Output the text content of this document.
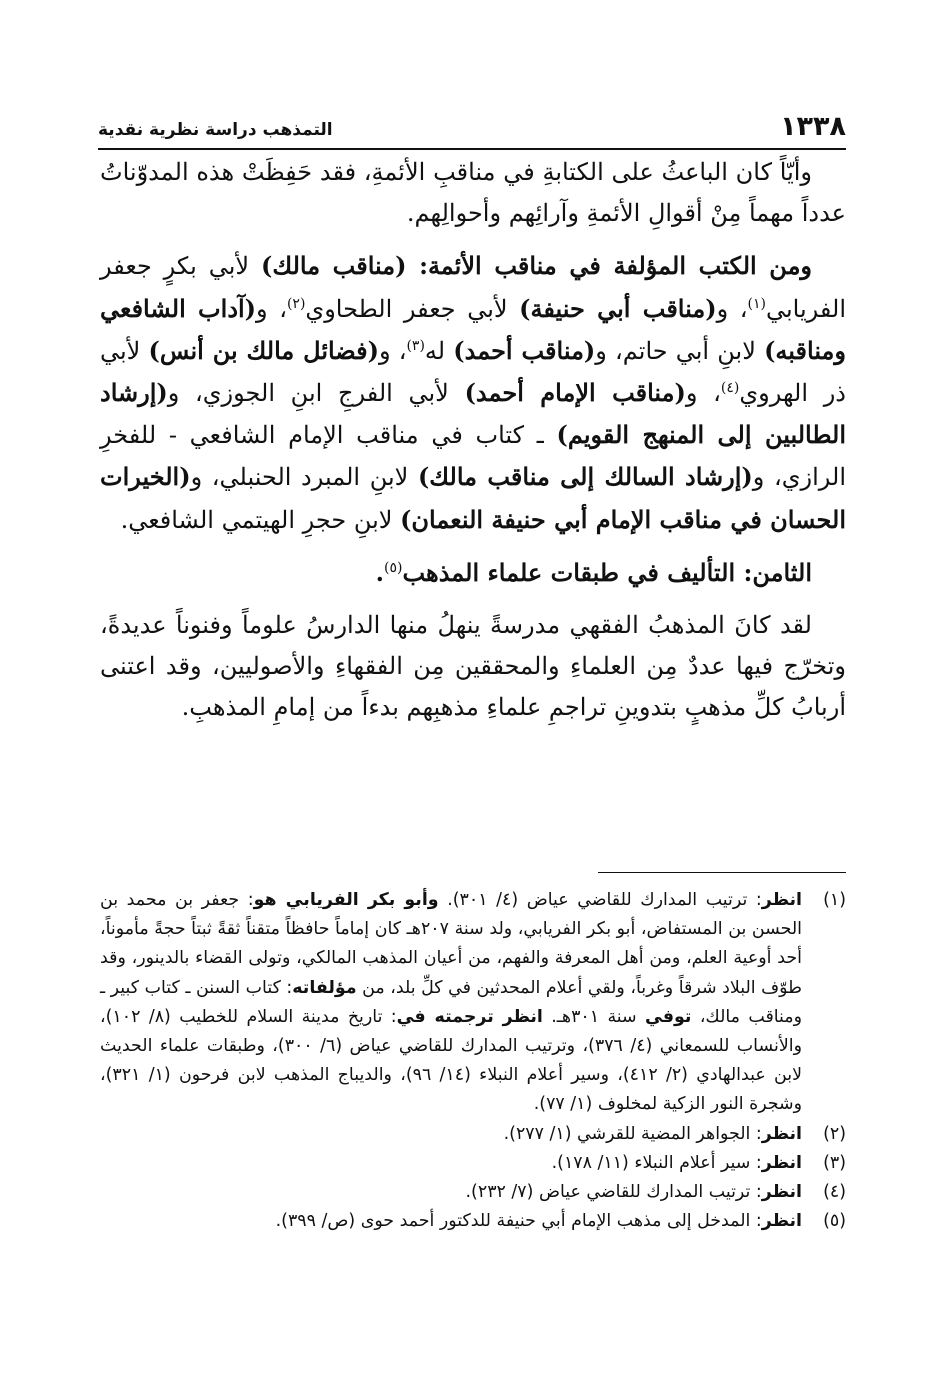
١٣٣٨
التمذهب دراسة نظرية نقدية

وأيّاً كان الباعثُ على الكتابةِ في مناقبِ الأئمةِ، فقد حَفِظَتْ هذه المدوّناتُ عدداً مهماً مِنْ أقوالِ الأئمةِ وآرائِهم وأحوالِهم.

ومن الكتب المؤلفة في مناقب الأئمة: (مناقب مالك) لأبي بكرٍ جعفر الفريابي$^{(١)}$، و(مناقب أبي حنيفة) لأبي جعفر الطحاوي$^{(٢)}$، و(آداب الشافعي ومناقبه) لابنِ أبي حاتم، و(مناقب أحمد) له$^{(٣)}$، و(فضائل مالك بن أنس) لأبي ذر الهروي$^{(٤)}$، و(مناقب الإمام أحمد) لأبي الفرجِ ابنِ الجوزي، و(إرشاد الطالبين إلى المنهج القويم) ـ كتاب في مناقب الإمام الشافعي - للفخرِ الرازي، و(إرشاد السالك إلى مناقب مالك) لابنِ المبرد الحنبلي، و(الخيرات الحسان في مناقب الإمام أبي حنيفة النعمان) لابنِ حجرِ الهيتمي الشافعي.

الثامن: التأليف في طبقات علماء المذهب$^{(٥)}$.

لقد كانَ المذهبُ الفقهي مدرسةً ينهلُ منها الدارسُ علوماً وفنوناً عديدةً، وتخرّج فيها عددٌ مِن العلماءِ والمحققين مِن الفقهاءِ والأصوليين، وقد اعتنى أربابُ كلِّ مذهبٍ بتدوينِ تراجمِ علماءِ مذهبِهم بدءاً من إمامِ المذهبِ.

(١)
انظر: ترتيب المدارك للقاضي عياض (٤/ ٣٠١). وأبو بكر الفريابي هو: جعفر بن محمد بن الحسن بن المستفاض، أبو بكر الفريابي، ولد سنة ٢٠٧هـ كان إماماً حافظاً متقناً ثقةً ثبتاً حجةً مأموناً، أحد أوعية العلم، ومن أهل المعرفة والفهم، من أعيان المذهب المالكي، وتولى القضاء بالدينور، وقد طوّف البلاد شرقاً وغرباً، ولقي أعلام المحدثين في كلِّ بلد، من مؤلفاته: كتاب السنن ـ كتاب كبير ـ ومناقب مالك، توفي سنة ٣٠١هـ. انظر ترجمته في: تاريخ مدينة السلام للخطيب (٨/ ١٠٢)، والأنساب للسمعاني (٤/ ٣٧٦)، وترتيب المدارك للقاضي عياض (٦/ ٣٠٠)، وطبقات علماء الحديث لابن عبدالهادي (٢/ ٤١٢)، وسير أعلام النبلاء (١٤/ ٩٦)، والديباج المذهب لابن فرحون (١/ ٣٢١)، وشجرة النور الزكية لمخلوف (١/ ٧٧).
(٢)
انظر: الجواهر المضية للقرشي (١/ ٢٧٧).
(٣)
انظر: سير أعلام النبلاء (١١/ ١٧٨).
(٤)
انظر: ترتيب المدارك للقاضي عياض (٧/ ٢٣٢).
(٥)
انظر: المدخل إلى مذهب الإمام أبي حنيفة للدكتور أحمد حوى (ص/ ٣٩٩).
